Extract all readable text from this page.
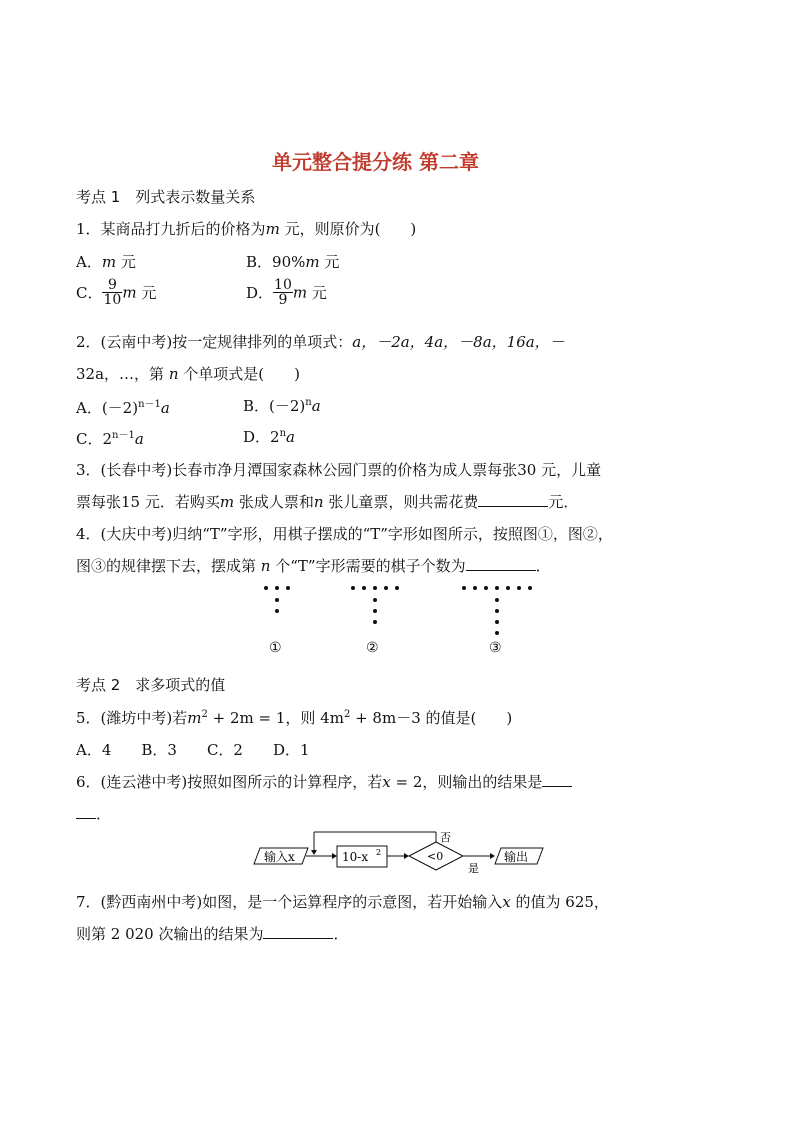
单元整合提分练 第二章
考点 1　列式表示数量关系
1．某商品打九折后的价格为m 元，则原价为(　　)
A．m 元	B．90%m 元
C． $\frac{9}{10}$ m 元	D． $\frac{10}{9}$ m 元
2．(云南中考)按一定规律排列的单项式：a，－2a，4a，－8a，16a，－
32a，…，第 n 个单项式是(　　)
A．$(-2)^{n-1}a$	B．$(-2)^na$
C．$2^{n-1}a$	D．2$^n$a
3．(长春中考)长春市净月潭国家森林公园门票的价格为成人票每张30 元，儿童
票每张15 元．若购买m 张成人票和n 张儿童票，则共需花费	元．
4．(大庆中考)归纳“T”字形，用棋子摆成的“T”字形如图所示，按照图①，图②，
图③的规律摆下去，摆成第 n 个“T”字形需要的棋子个数为	．
①	②	③
考点 2　求多项式的值
5．(潍坊中考)若$m^2 + 2m = 1$，则 $4m^2 + 8m-3$ 的值是(　　)
A．4　　B．3　　C．2　　D．1
6．(连云港中考)按照如图所示的计算程序，若x = 2，则输出的结果是
．
输入x	10-x 2	<0
否
是
输出
7．(黔西南州中考)如图，是一个运算程序的示意图，若开始输入x 的值为 625，
则第 2 020 次输出的结果为	．
